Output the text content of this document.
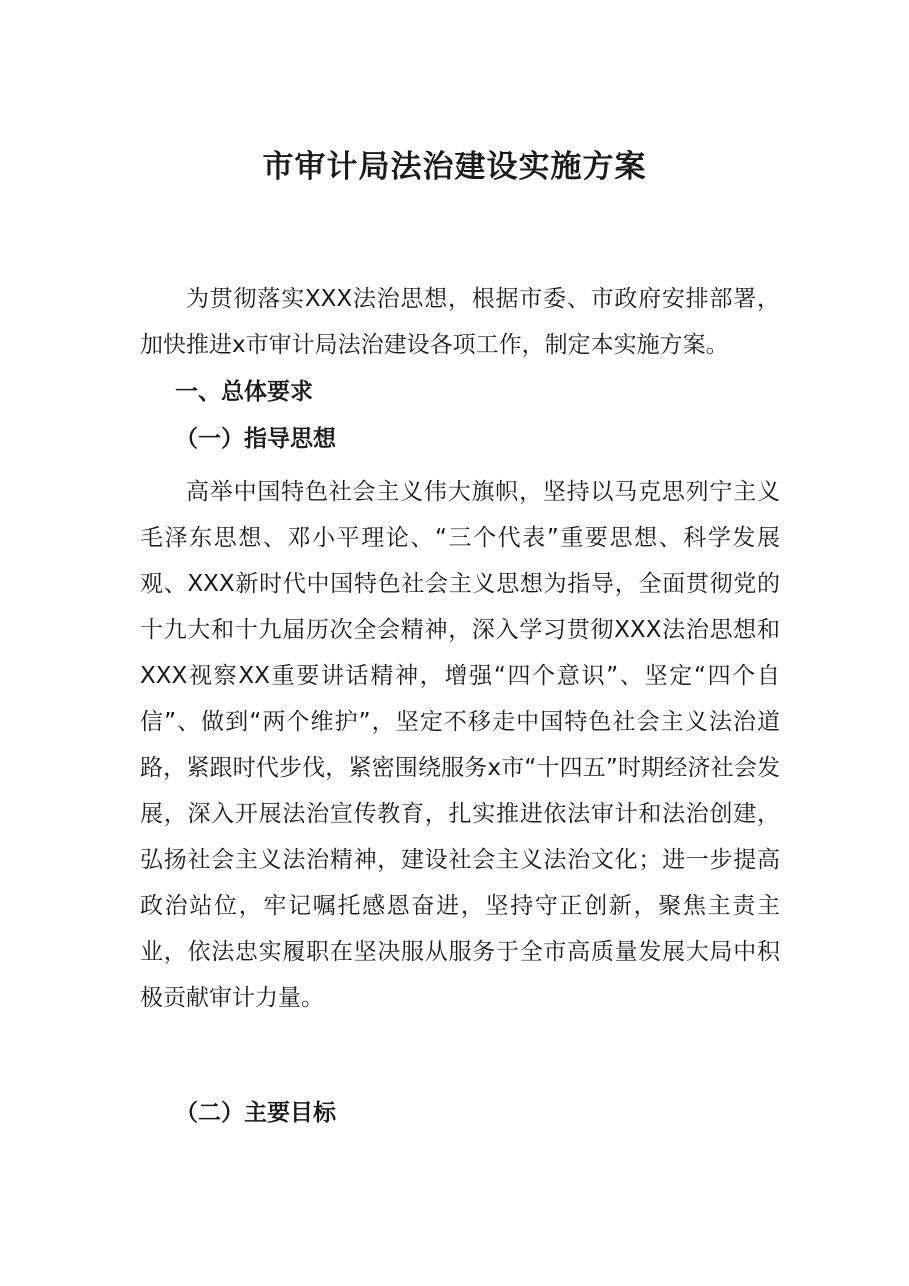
市审计局法治建设实施方案

为贯彻落实XXX法治思想，根据市委、市政府安排部署，加快推进x市审计局法治建设各项工作，制定本实施方案。

一、总体要求
（一）指导思想

高举中国特色社会主义伟大旗帜，坚持以马克思列宁主义毛泽东思想、邓小平理论、“三个代表”重要思想、科学发展观、XXX新时代中国特色社会主义思想为指导，全面贯彻党的十九大和十九届历次全会精神，深入学习贯彻XXX法治思想和XXX视察XX重要讲话精神，增强“四个意识”、坚定“四个自信”、做到“两个维护”，坚定不移走中国特色社会主义法治道路，紧跟时代步伐，紧密围绕服务x市“十四五”时期经济社会发展，深入开展法治宣传教育，扎实推进依法审计和法治创建，弘扬社会主义法治精神，建设社会主义法治文化；进一步提高政治站位，牢记嘱托感恩奋进，坚持守正创新，聚焦主责主业，依法忠实履职在坚决服从服务于全市高质量发展大局中积极贡献审计力量。

（二）主要目标
